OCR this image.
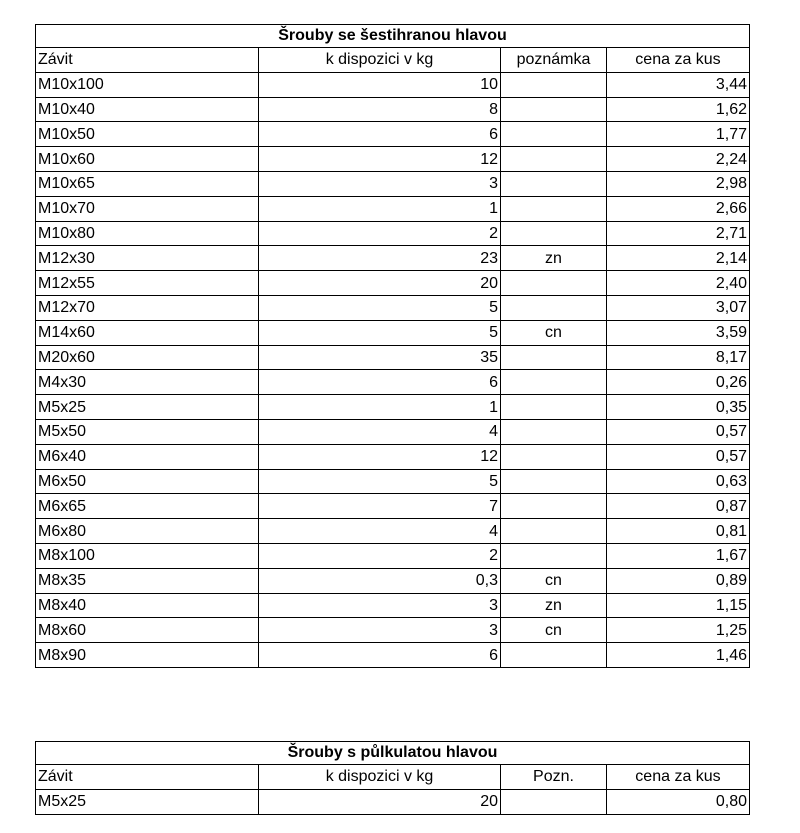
Šrouby se šestihranou hlavou			
Závit	k dispozici v kg	poznámka	cena za kus
M10x100	10		3,44
M10x40	8		1,62
M10x50	6		1,77
M10x60	12		2,24
M10x65	3		2,98
M10x70	1		2,66
M10x80	2		2,71
M12x30	23	zn	2,14
M12x55	20		2,40
M12x70	5		3,07
M14x60	5	cn	3,59
M20x60	35		8,17
M4x30	6		0,26
M5x25	1		0,35
M5x50	4		0,57
M6x40	12		0,57
M6x50	5		0,63
M6x65	7		0,87
M6x80	4		0,81
M8x100	2		1,67
M8x35	0,3	cn	0,89
M8x40	3	zn	1,15
M8x60	3	cn	1,25
M8x90	6		1,46
Šrouby s půlkulatou hlavou			
Závit	k dispozici v kg	Pozn.	cena za kus
M5x25	20		0,80
